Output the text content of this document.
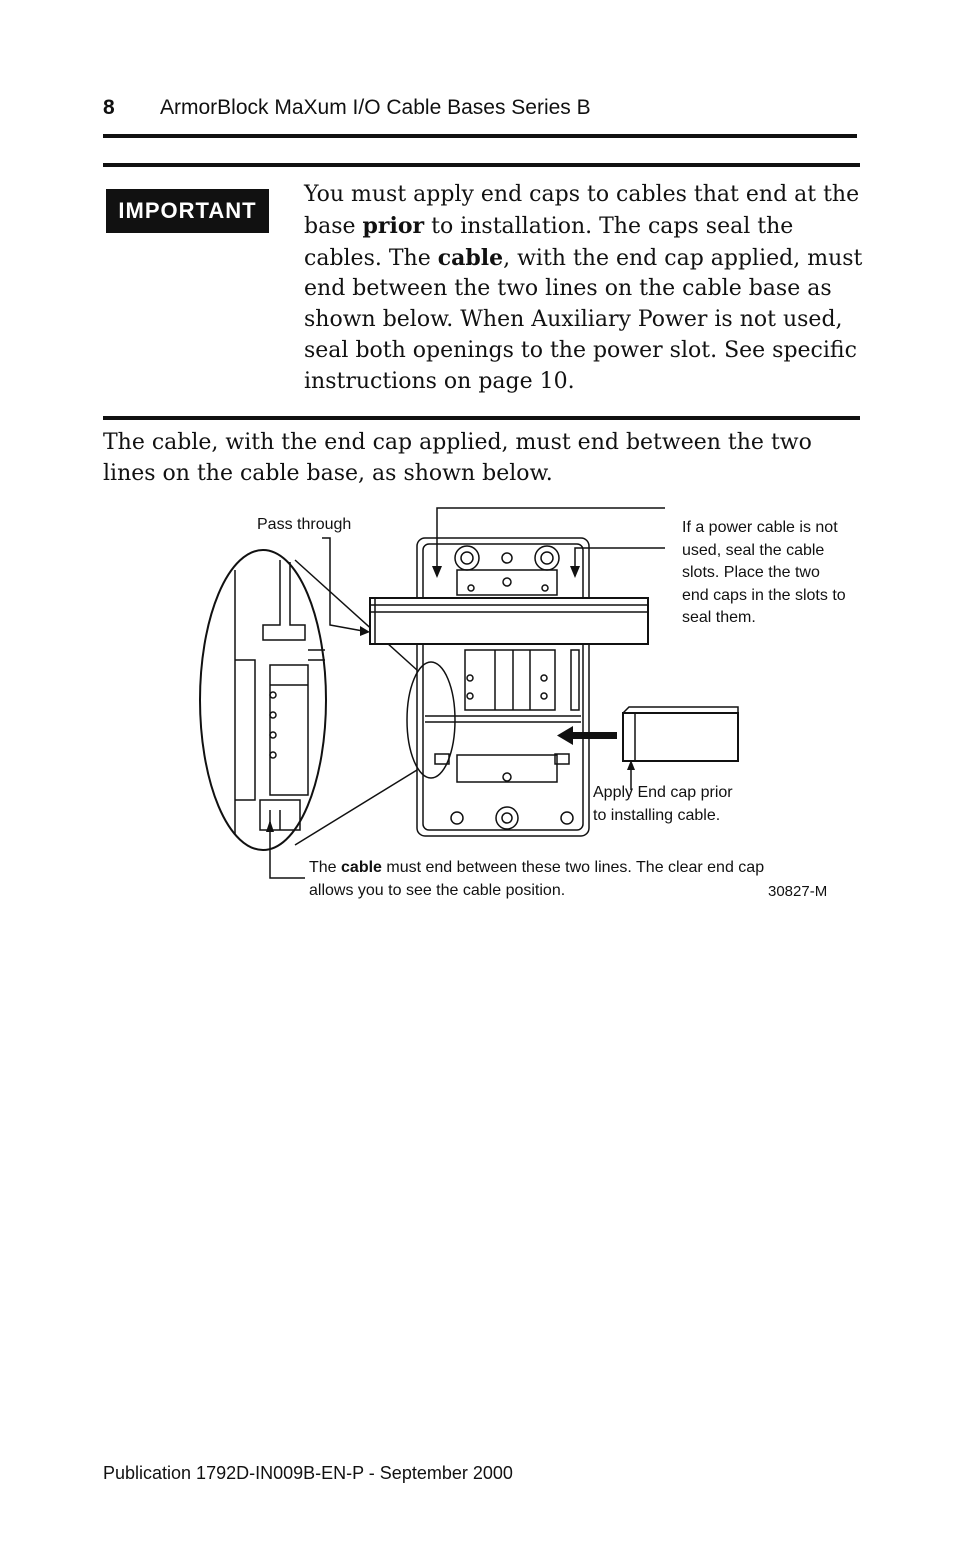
8 ArmorBlock MaXum I/O Cable Bases Series B
IMPORTANT

You must apply end caps to cables that end at the base prior to installation. The caps seal the cables. The cable, with the end cap applied, must end between the two lines on the cable base as shown below. When Auxiliary Power is not used, seal both openings to the power slot. See specific instructions on page 10.

The cable, with the end cap applied, must end between the two lines on the cable base, as shown below.

Pass through	If a power cable is not used, seal the cable slots. Place the two end caps in the slots to seal them.

Apply End cap prior to installing cable.

The cable must end between these two lines. The clear end cap allows you to see the cable position.	30827-M
Publication 1792D-IN009B-EN-P - September 2000
